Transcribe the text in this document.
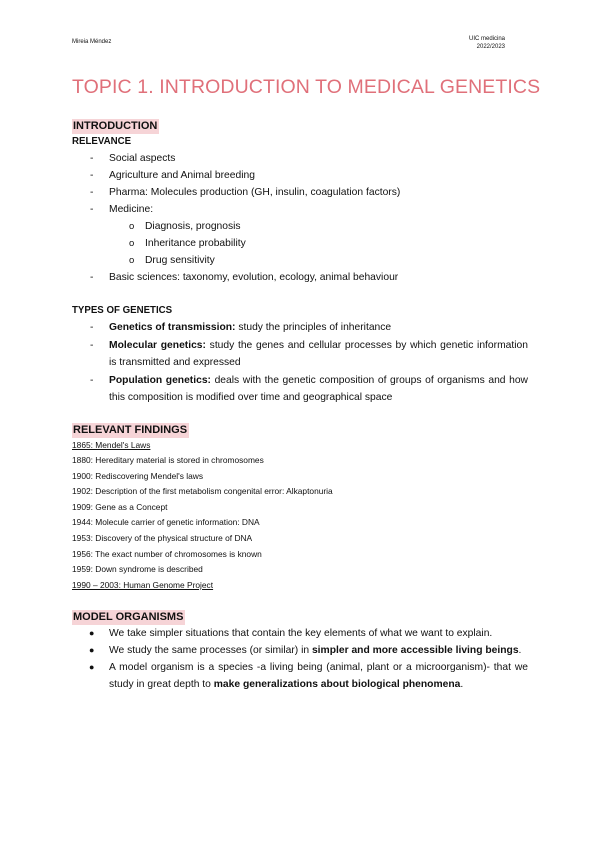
Mireia Méndez	UIC medicina
2022/2023
TOPIC 1. INTRODUCTION TO MEDICAL GENETICS
INTRODUCTION
RELEVANCE
- Social aspects
- Agriculture and Animal breeding
- Pharma: Molecules production (GH, insulin, coagulation factors)
- Medicine:
o Diagnosis, prognosis
o Inheritance probability
o Drug sensitivity
- Basic sciences: taxonomy, evolution, ecology, animal behaviour
TYPES OF GENETICS
- Genetics of transmission: study the principles of inheritance
- Molecular genetics: study the genes and cellular processes by which genetic information is transmitted and expressed
- Population genetics: deals with the genetic composition of groups of organisms and how this composition is modified over time and geographical space
RELEVANT FINDINGS
1865: Mendel's Laws
1880: Hereditary material is stored in chromosomes
1900: Rediscovering Mendel's laws
1902: Description of the first metabolism congenital error: Alkaptonuria
1909: Gene as a Concept
1944: Molecule carrier of genetic information: DNA
1953: Discovery of the physical structure of DNA
1956: The exact number of chromosomes is known
1959: Down syndrome is described
1990 – 2003: Human Genome Project
MODEL ORGANISMS
● We take simpler situations that contain the key elements of what we want to explain.
● We study the same processes (or similar) in simpler and more accessible living beings.
● A model organism is a species -a living being (animal, plant or a microorganism)- that we study in great depth to make generalizations about biological phenomena.
